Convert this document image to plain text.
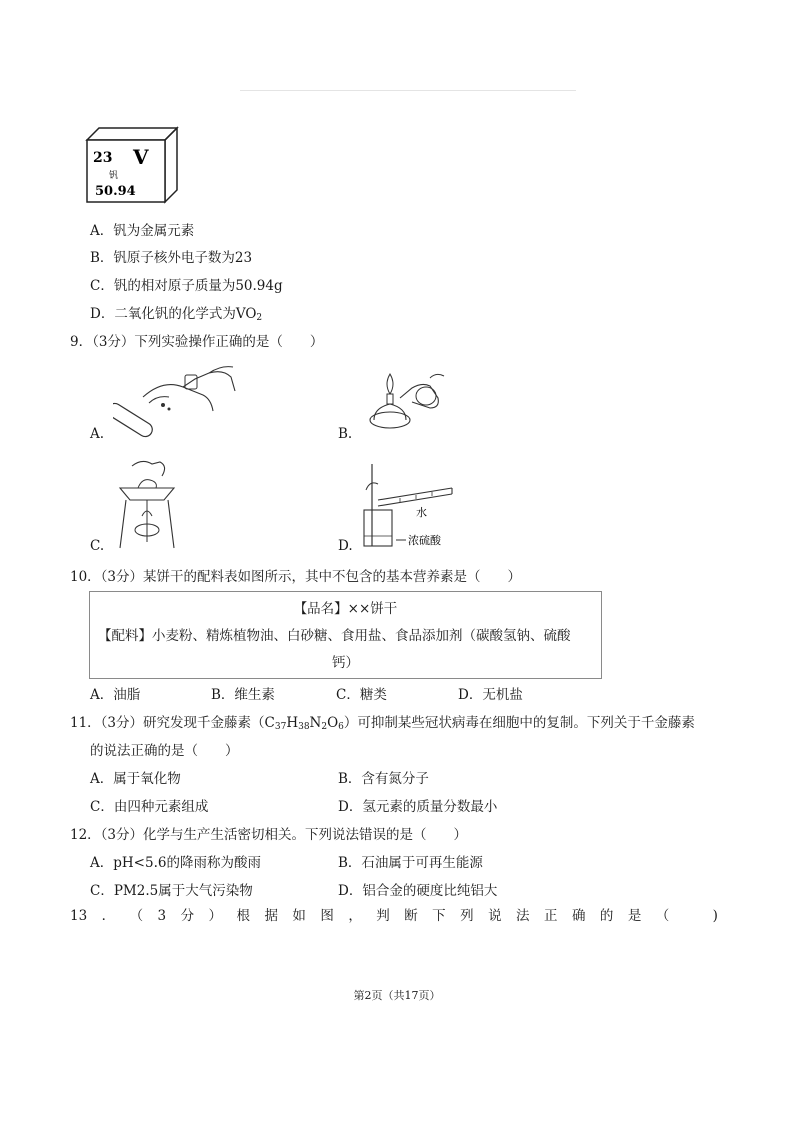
23 V
钒
50.94
A．钒为金属元素
B．钒原子核外电子数为23
C．钒的相对原子质量为50.94g
D．二氧化钒的化学式为$VO_2$
9．（3分）下列实验操作正确的是（　　）
A.	B.
C.	D.
水
浓硫酸
10．（3分）某饼干的配料表如图所示，其中不包含的基本营养素是（　　）
【品名】××饼干
【配料】小麦粉、精炼植物油、白砂糖、食用盐、食品添加剂（碳酸氢钠、硫酸
钙）
A．油脂	B．维生素	C．糖类	D．无机盐
11．（3分）研究发现千金藤素$(C_{37}H_{38}N_2O_6)$可抑制某些冠状病毒在细胞中的复制。下列关于千金藤素
的说法正确的是（　　）
A．属于氧化物	B．含有氮分子
C．由四种元素组成	D．氢元素的质量分数最小
12．（3分）化学与生产生活密切相关。下列说法错误的是（　　）
A．pH<5.6的降雨称为酸雨	B．石油属于可再生能源
C．PM2.5属于大气污染物	D．铝合金的硬度比纯铝大
13 ． （ 3 分 ） 根 据 如 图 ， 判 断 下 列 说 法 正 确 的 是 （	)
第2页（共17页）
